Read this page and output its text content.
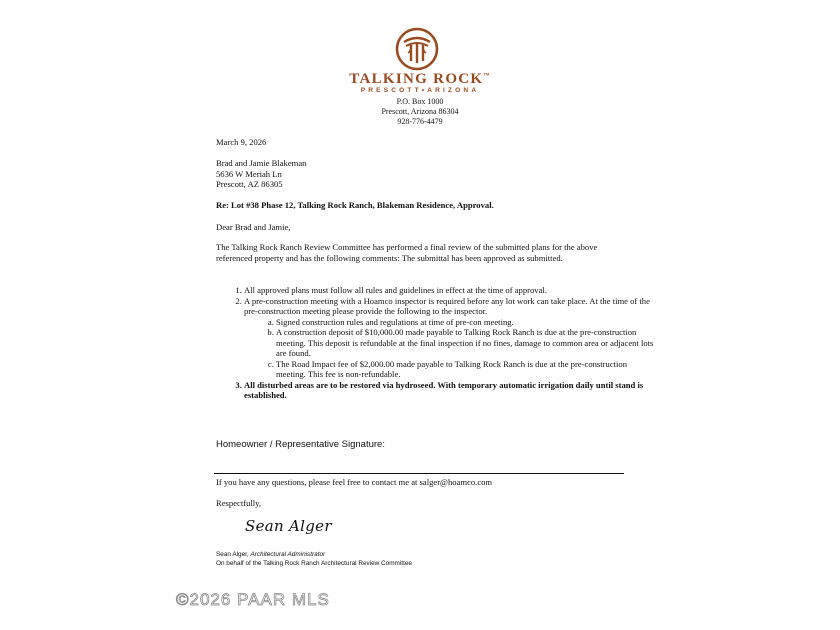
TALKING ROCK™
PRESCOTT•ARIZONA
P.O. Box 1000
Prescott, Arizona 86304
928-776-4479
March 9, 2026
Brad and Jamie Blakeman
5636 W Meriah Ln
Prescott, AZ 86305
Re: Lot #38 Phase 12, Talking Rock Ranch, Blakeman Residence, Approval.
Dear Brad and Jamie,
The Talking Rock Ranch Review Committee has performed a final review of the submitted plans for the above referenced property and has the following comments: The submittal has been approved as submitted.
1. All approved plans must follow all rules and guidelines in effect at the time of approval.
2. A pre-construction meeting with a Hoamco inspector is required before any lot work can take place. At the time of the pre-construction meeting please provide the following to the inspector.
a. Signed construction rules and regulations at time of pre-con meeting.
b. A construction deposit of $10,000.00 made payable to Talking Rock Ranch is due at the pre-construction meeting. This deposit is refundable at the final inspection if no fines, damage to common area or adjacent lots are found.
c. The Road Impact fee of $2,000.00 made payable to Talking Rock Ranch is due at the pre-construction meeting. This fee is non-refundable.
3. All disturbed areas are to be restored via hydroseed. With temporary automatic irrigation daily until stand is established.
Homeowner / Representative Signature:
If you have any questions, please feel free to contact me at salger@hoamco.com
Respectfully,
Sean Alger
Sean Alger, Architectural Administrator
On behalf of the Talking Rock Ranch Architectural Review Committee
©2026 PAAR MLS
